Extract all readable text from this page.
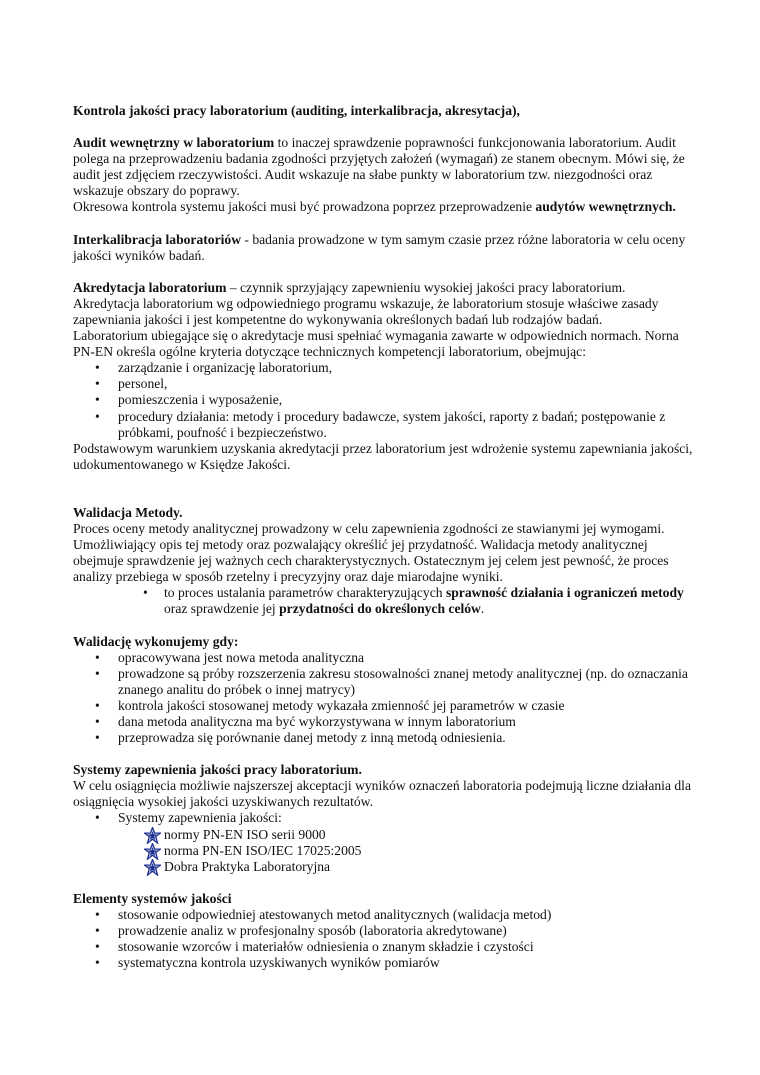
Kontrola jakości pracy laboratorium (auditing, interkalibracja, akresytacja),

Audit wewnętrzny w laboratorium to inaczej sprawdzenie poprawności funkcjonowania laboratorium. Audit polega na przeprowadzeniu badania zgodności przyjętych założeń (wymagań) ze stanem obecnym. Mówi się, że audit jest zdjęciem rzeczywistości. Audit wskazuje na słabe punkty w laboratorium tzw. niezgodności oraz wskazuje obszary do poprawy.

Okresowa kontrola systemu jakości musi być prowadzona poprzez przeprowadzenie audytów wewnętrznych.

Interkalibracja laboratoriów - badania prowadzone w tym samym czasie przez różne laboratoria w celu oceny jakości wyników badań.

Akredytacja laboratorium – czynnik sprzyjający zapewnieniu wysokiej jakości pracy laboratorium. Akredytacja laboratorium wg odpowiedniego programu wskazuje, że laboratorium stosuje właściwe zasady zapewniania jakości i jest kompetentne do wykonywania określonych badań lub rodzajów badań.

Laboratorium ubiegające się o akredytacje musi spełniać wymagania zawarte w odpowiednich normach. Norna PN-EN określa ogólne kryteria dotyczące technicznych kompetencji laboratorium, obejmując:

• zarządzanie i organizację laboratorium,
• personel,
• pomieszczenia i wyposażenie,
• procedury działania: metody i procedury badawcze, system jakości, raporty z badań; postępowanie z próbkami, poufność i bezpieczeństwo.

Podstawowym warunkiem uzyskania akredytacji przez laboratorium jest wdrożenie systemu zapewniania jakości, udokumentowanego w Księdze Jakości.

Walidacja Metody.

Proces oceny metody analitycznej prowadzony w celu zapewnienia zgodności ze stawianymi jej wymogami. Umożliwiający opis tej metody oraz pozwalający określić jej przydatność. Walidacja metody analitycznej obejmuje sprawdzenie jej ważnych cech charakterystycznych. Ostatecznym jej celem jest pewność, że proces analizy przebiega w sposób rzetelny i precyzyjny oraz daje miarodajne wyniki.

• to proces ustalania parametrów charakteryzujących sprawność działania i ograniczeń metody oraz sprawdzenie jej przydatności do określonych celów.

Walidację wykonujemy gdy:

• opracowywana jest nowa metoda analityczna
• prowadzone są próby rozszerzenia zakresu stosowalności znanej metody analitycznej (np. do oznaczania znanego analitu do próbek o innej matrycy)
• kontrola jakości stosowanej metody wykazała zmienność jej parametrów w czasie
• dana metoda analityczna ma być wykorzystywana w innym laboratorium
• przeprowadza się porównanie danej metody z inną metodą odniesienia.

Systemy zapewnienia jakości pracy laboratorium.

W celu osiągnięcia możliwie najszerszej akceptacji wyników oznaczeń laboratoria podejmują liczne działania dla osiągnięcia wysokiej jakości uzyskiwanych rezultatów.

• Systemy zapewnienia jakości:
normy PN-EN ISO serii 9000
norma PN-EN ISO/IEC 17025:2005
Dobra Praktyka Laboratoryjna

Elementy systemów jakości

• stosowanie odpowiedniej atestowanych metod analitycznych (walidacja metod)
• prowadzenie analiz w profesjonalny sposób (laboratoria akredytowane)
• stosowanie wzorców i materiałów odniesienia o znanym składzie i czystości
• systematyczna kontrola uzyskiwanych wyników pomiarów
